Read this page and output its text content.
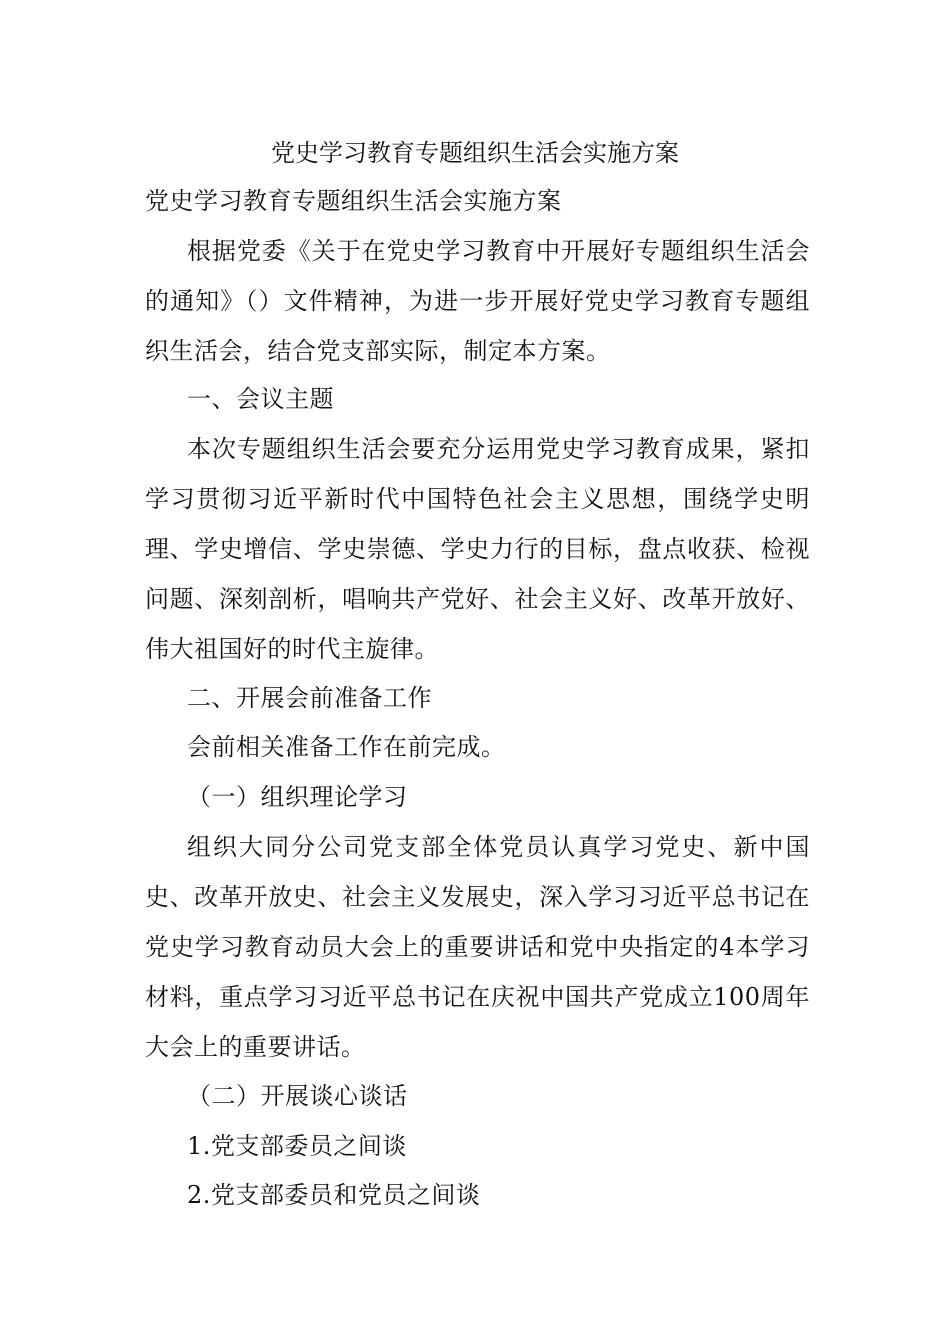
党史学习教育专题组织生活会实施方案

党史学习教育专题组织生活会实施方案

根据党委《关于在党史学习教育中开展好专题组织生活会的通知》（）文件精神，为进一步开展好党史学习教育专题组织生活会，结合党支部实际，制定本方案。

一、会议主题

本次专题组织生活会要充分运用党史学习教育成果，紧扣学习贯彻习近平新时代中国特色社会主义思想，围绕学史明理、学史增信、学史崇德、学史力行的目标，盘点收获、检视问题、深刻剖析，唱响共产党好、社会主义好、改革开放好、伟大祖国好的时代主旋律。

二、开展会前准备工作

会前相关准备工作在前完成。

（一）组织理论学习

组织大同分公司党支部全体党员认真学习党史、新中国史、改革开放史、社会主义发展史，深入学习习近平总书记在党史学习教育动员大会上的重要讲话和党中央指定的4本学习材料，重点学习习近平总书记在庆祝中国共产党成立100周年大会上的重要讲话。

（二）开展谈心谈话

1.党支部委员之间谈

2.党支部委员和党员之间谈
